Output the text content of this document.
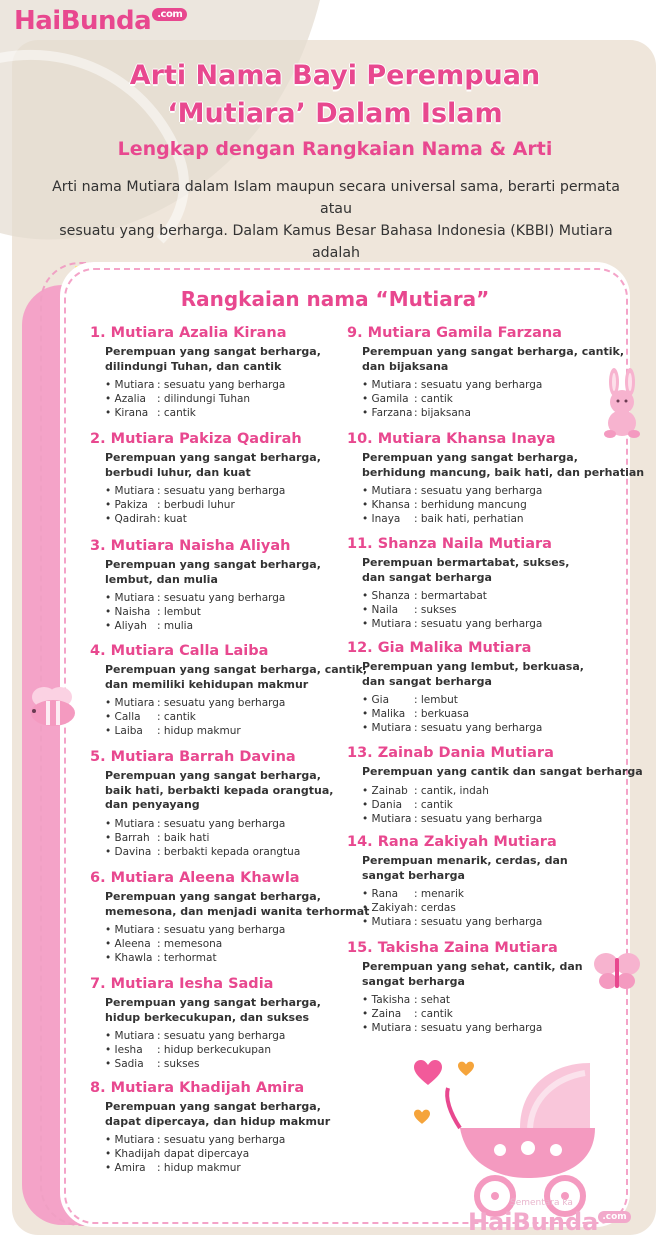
HaiBunda .com
Arti Nama Bayi Perempuan
‘Mutiara’ Dalam Islam
Lengkap dengan Rangkaian Nama & Arti
Arti nama Mutiara dalam Islam maupun secara universal sama, berarti permata atau
sesuatu yang berharga. Dalam Kamus Besar Bahasa Indonesia (KBBI) Mutiara adalah
Rangkaian nama “Mutiara”
1. Mutiara Azalia Kirana
Perempuan yang sangat berharga,
dilindungi Tuhan, dan cantik
• Mutiara : sesuatu yang berharga
• Azalia	: dilindungi Tuhan
• Kirana : cantik
2. Mutiara Pakiza Qadirah
Perempuan yang sangat berharga,
berbudi luhur, dan kuat
• Mutiara : sesuatu yang berharga
• Pakiza : berbudi luhur
• Qadirah : kuat
3. Mutiara Naisha Aliyah
Perempuan yang sangat berharga,
lembut, dan mulia
• Mutiara : sesuatu yang berharga
• Naisha : lembut
• Aliyah : mulia
4. Mutiara Calla Laiba
Perempuan yang sangat berharga, cantik,
dan memiliki kehidupan makmur
• Mutiara : sesuatu yang berharga
• Calla	: cantik
• Laiba	: hidup makmur
5. Mutiara Barrah Davina
Perempuan yang sangat berharga,
baik hati, berbakti kepada orangtua,
dan penyayang
• Mutiara : sesuatu yang berharga
• Barrah : baik hati
• Davina : berbakti kepada orangtua
6. Mutiara Aleena Khawla
Perempuan yang sangat berharga,
memesona, dan menjadi wanita terhormat
• Mutiara : sesuatu yang berharga
• Aleena : memesona
• Khawla : terhormat
7. Mutiara Iesha Sadia
Perempuan yang sangat berharga,
hidup berkecukupan, dan sukses
• Mutiara : sesuatu yang berharga
• Iesha	: hidup berkecukupan
• Sadia	: sukses
8. Mutiara Khadijah Amira
Perempuan yang sangat berharga,
dapat dipercaya, dan hidup makmur
• Mutiara : sesuatu yang berharga
• Khadijah
: dapat dipercaya
• Amira	: hidup makmur
9. Mutiara Gamila Farzana
Perempuan yang sangat berharga, cantik,
dan bijaksana
• Mutiara : sesuatu yang berharga
• Gamila : cantik
• Farzana : bijaksana
10. Mutiara Khansa Inaya
Perempuan yang sangat berharga,
berhidung mancung, baik hati, dan perhatian
• Mutiara : sesuatu yang berharga
• Khansa : berhidung mancung
• Inaya	: baik hati, perhatian
11. Shanza Naila Mutiara
Perempuan bermartabat, sukses,
dan sangat berharga
• Shanza : bermartabat
• Naila	: sukses
• Mutiara : sesuatu yang berharga
12. Gia Malika Mutiara
Perempuan yang lembut, berkuasa,
dan sangat berharga
• Gia	: lembut
• Malika : berkuasa
• Mutiara : sesuatu yang berharga
13. Zainab Dania Mutiara
Perempuan yang cantik dan sangat berharga
• Zainab : cantik, indah
• Dania	: cantik
• Mutiara : sesuatu yang berharga
14. Rana Zakiyah Mutiara
Perempuan menarik, cerdas, dan
sangat berharga
• Rana	: menarik
• Zakiyah : cerdas
• Mutiara : sesuatu yang berharga
15. Takisha Zaina Mutiara
Perempuan yang sehat, cantik, dan
sangat berharga
• Takisha : sehat
• Zaina	: cantik
• Mutiara : sesuatu yang berharga
Sementara ka
HaiBunda .com
